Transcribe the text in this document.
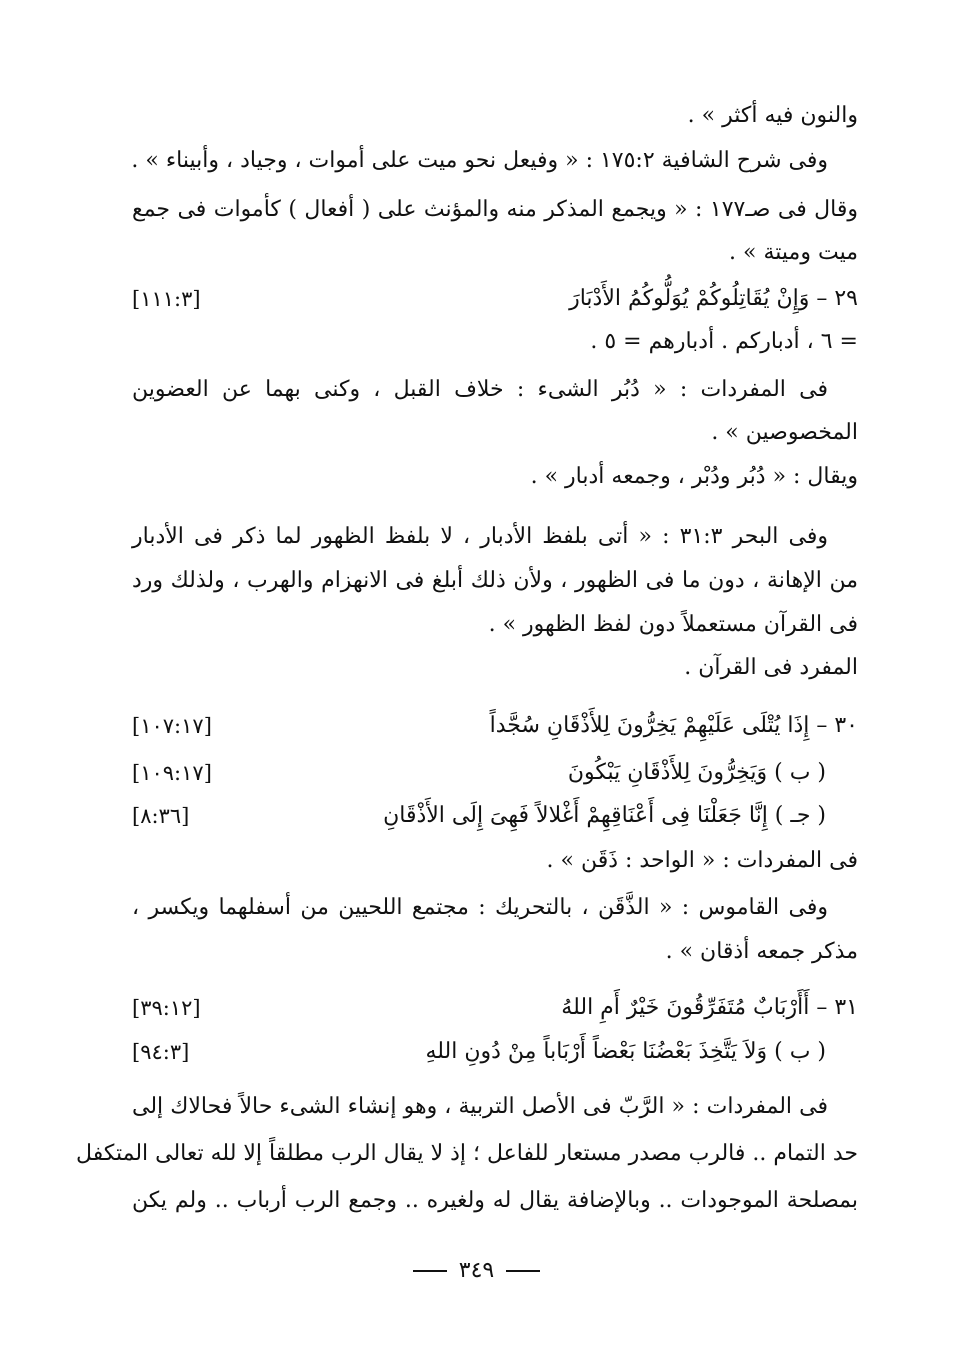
والنون فيه أكثر » .
وفى شرح الشافية ١٧٥:٢ : « وفيعل نحو ميت على أموات ، وجياد ، وأبيناء » .
وقال فى صـ١٧٧ : « ويجمع المذكر منه والمؤنث على ( أفعال ) كأموات فى جمع
ميت وميتة » .
٢٩ – وَإِنْ يُقَاتِلُوكُمْ يُوَلُّوكُمُ الأَدْبَارَ
[١١١:٣]
= ٦ ، أدباركم . أدبارهم = ٥ .
فى المفردات : « دُبُر الشىء : خلاف القبل ، وكنى بهما عن العضوين
المخصوصين » .
ويقال : « دُبُر ودُبْر ، وجمعه أدبار » .
وفى البحر ٣١:٣ : « أتى بلفظ الأدبار ، لا بلفظ الظهور لما ذكر فى الأدبار
من الإهانة ، دون ما فى الظهور ، ولأن ذلك أبلغ فى الانهزام والهرب ، ولذلك ورد
فى القرآن مستعملاً دون لفظ الظهور » .
المفرد فى القرآن .
٣٠ – إِذَا يُتْلَى عَلَيْهِمْ يَخِرُّونَ لِلأَذْقَانِ سُجَّداً
[١٠٧:١٧]
( ب ) وَيَخِرُّونَ لِلأَذْقَانِ يَبْكُونَ
[١٠٩:١٧]
( جـ ) إِنَّا جَعَلْنَا فِى أَعْنَاقِهِمْ أَغْلالاً فَهِىَ إِلَى الأَذْقَانِ
[٨:٣٦]
فى المفردات : « الواحد : ذَقَن » .
وفى القاموس : « الذَّقَن ، بالتحريك : مجتمع اللحيين من أسفلهما ويكسر ،
مذكر جمعه أذقان » .
٣١ – أَأَرْبَابٌ مُتَفَرِّقُونَ خَيْرٌ أَمِ اللهُ
[٣٩:١٢]
( ب ) وَلاَ يَتَّخِذَ بَعْضُنَا بَعْضاً أَرْبَاباً مِنْ دُونِ اللهِ
[٩٤:٣]
فى المفردات : « الرَّبّ فى الأصل التربية ، وهو إنشاء الشىء حالاً فحالاك إلى
حد التمام .. فالرب مصدر مستعار للفاعل ؛ إذ لا يقال الرب مطلقاً إلا لله تعالى المتكفل
بمصلحة الموجودات .. وبالإضافة يقال له ولغيره .. وجمع الرب أرباب .. ولم يكن
٣٤٩
